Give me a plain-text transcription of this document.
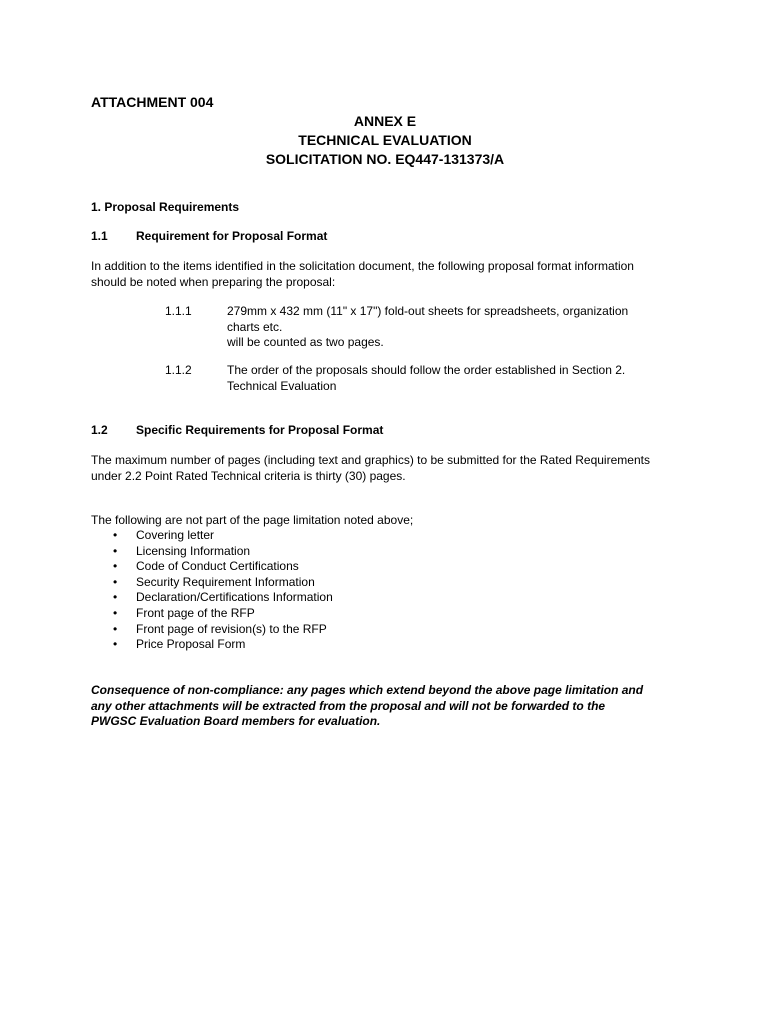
ATTACHMENT 004
ANNEX E
TECHNICAL EVALUATION
SOLICITATION NO. EQ447-131373/A
1. Proposal Requirements
1.1 Requirement for Proposal Format
In addition to the items identified in the solicitation document, the following proposal format information
should be noted when preparing the proposal:
1.1.1	279mm x 432 mm (11" x 17") fold-out sheets for spreadsheets, organization
charts etc.
will be counted as two pages.
1.1.2	The order of the proposals should follow the order established in Section 2.
Technical Evaluation
1.2 Specific Requirements for Proposal Format
The maximum number of pages (including text and graphics) to be submitted for the Rated Requirements
under 2.2 Point Rated Technical criteria is thirty (30) pages.
The following are not part of the page limitation noted above;
• Covering letter
• Licensing Information
• Code of Conduct Certifications
• Security Requirement Information
• Declaration/Certifications Information
• Front page of the RFP
• Front page of revision(s) to the RFP
• Price Proposal Form
Consequence of non-compliance: any pages which extend beyond the above page limitation and
any other attachments will be extracted from the proposal and will not be forwarded to the
PWGSC Evaluation Board members for evaluation.
